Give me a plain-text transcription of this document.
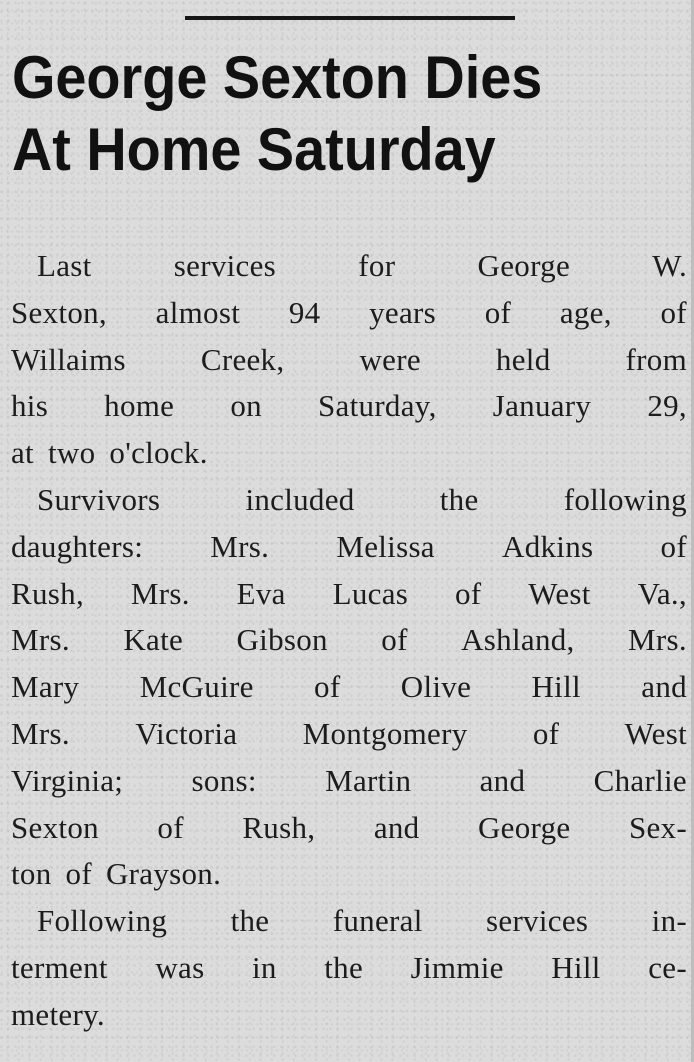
George Sexton Dies
At Home Saturday
Last	services	for	George	W.
Sexton, almost 94 years of age, of
Willaims Creek, were held from
his home on Saturday, January 29,
at two o'clock.
Survivors	included	the	following
daughters: Mrs. Melissa Adkins of
Rush, Mrs. Eva Lucas of West Va.,
Mrs. Kate Gibson of Ashland, Mrs.
Mary McGuire of Olive Hill and
Mrs. Victoria Montgomery of West
Virginia; sons: Martin and Charlie
Sexton of Rush, and George Sex-
ton of Grayson.
Following the funeral services in-
terment was in the Jimmie Hill ce-
metery.
